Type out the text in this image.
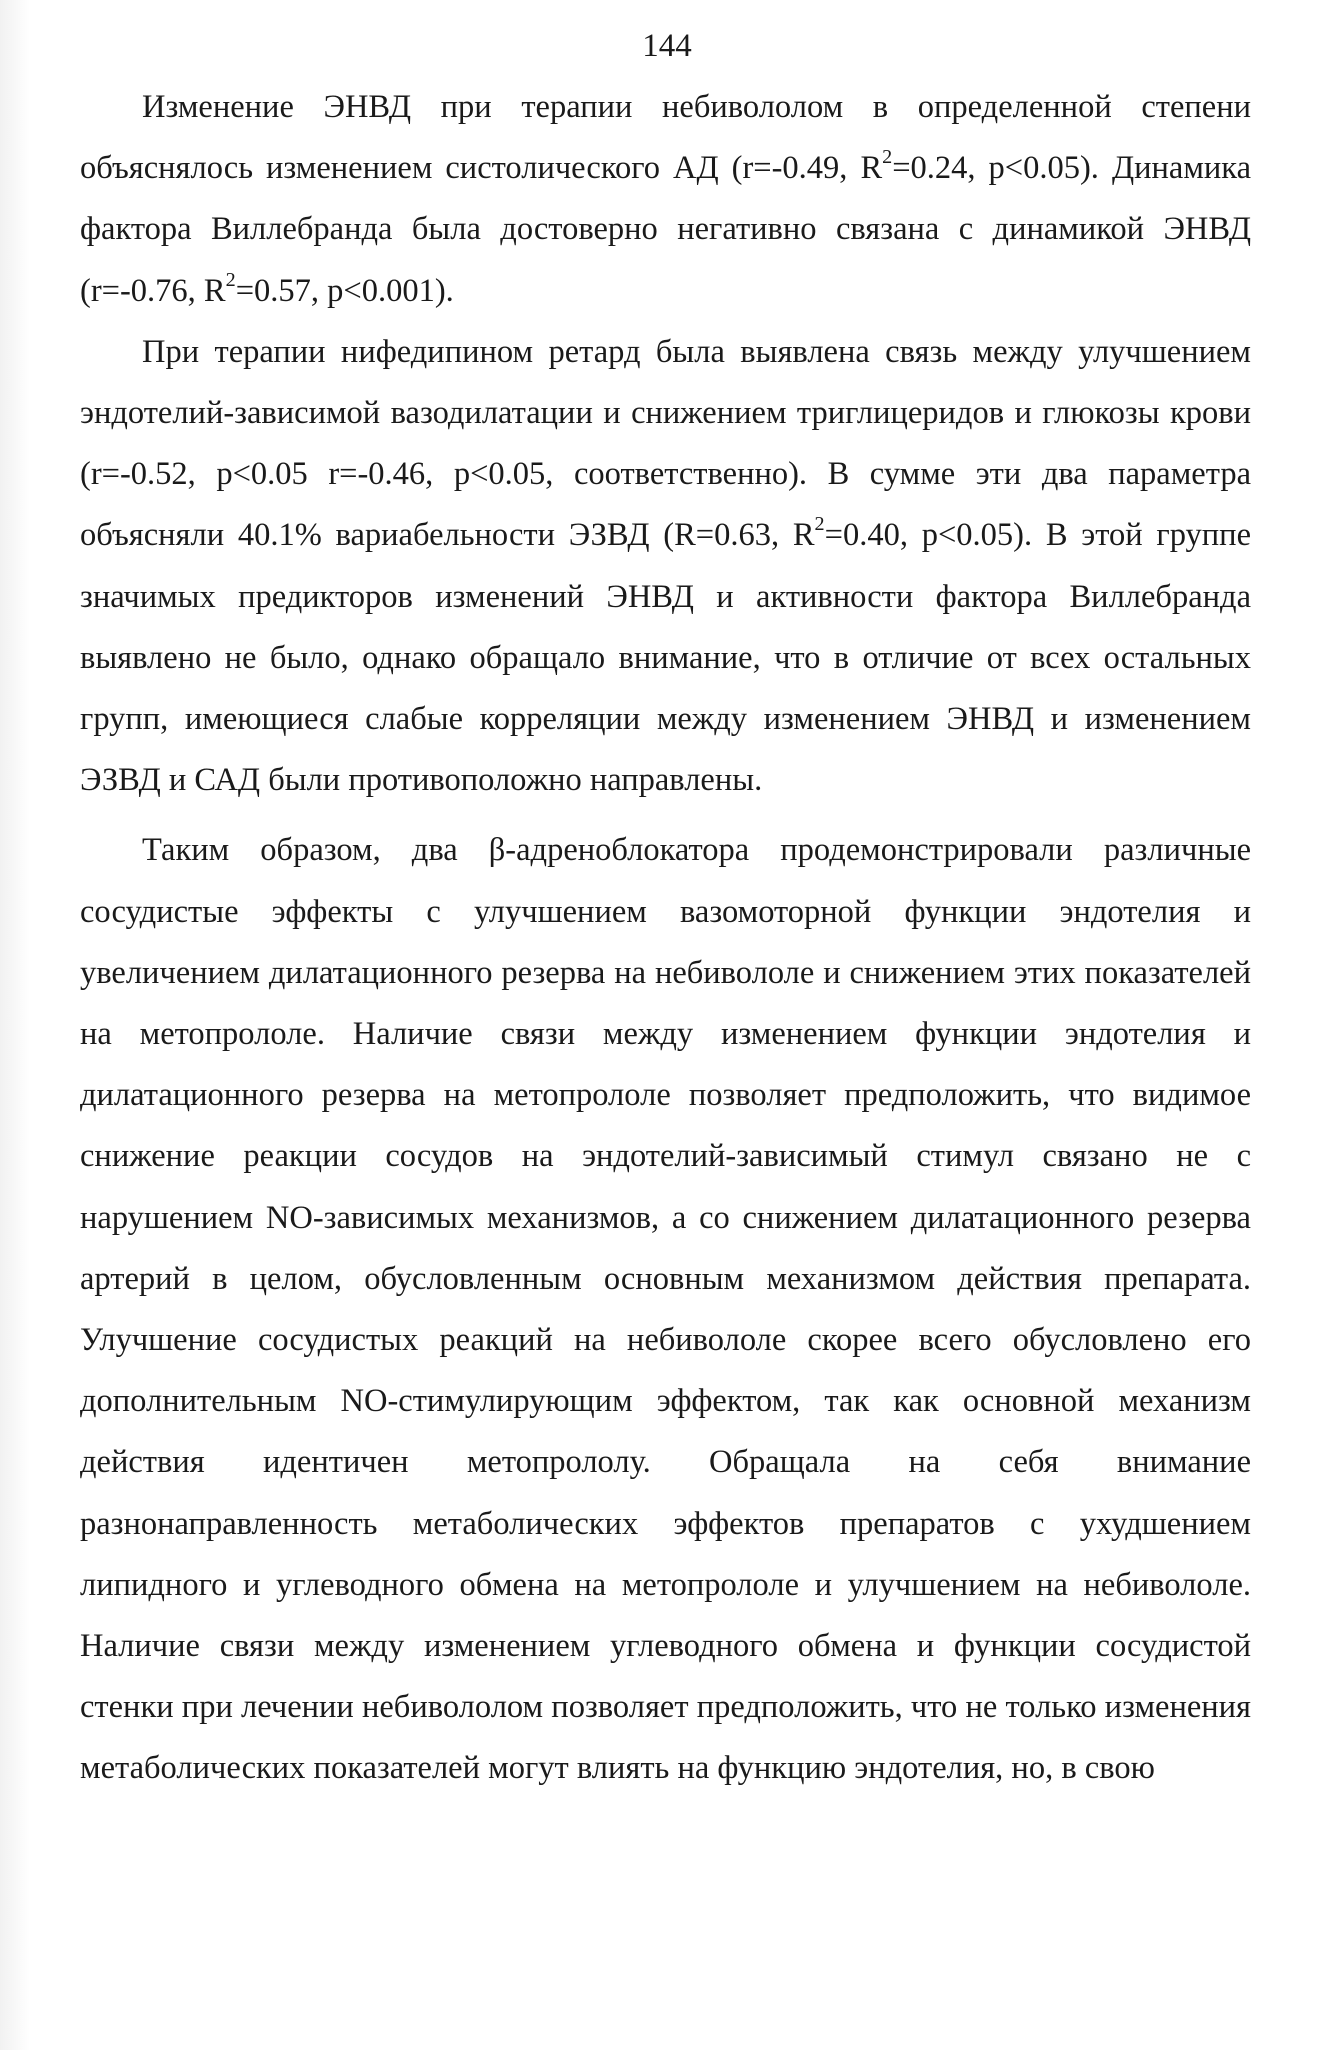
144

Изменение ЭНВД при терапии небивололом в определенной степени объяснялось изменением систолического АД (r=-0.49, $R^2=0.24$, p<0.05). Динамика фактора Виллебранда была достоверно негативно связана с динамикой ЭНВД (r=-0.76, $R^2=0.57$, p<0.001).

При терапии нифедипином ретард была выявлена связь между улучшением эндотелий-зависимой вазодилатации и снижением триглицеридов и глюкозы крови (r=-0.52, p<0.05 r=-0.46, p<0.05, соответственно). В сумме эти два параметра объясняли 40.1% вариабельности ЭЗВД (R=0.63, $R^2=0.40$, p<0.05). В этой группе значимых предикторов изменений ЭНВД и активности фактора Виллебранда выявлено не было, однако обращало внимание, что в отличие от всех остальных групп, имеющиеся слабые корреляции между изменением ЭНВД и изменением ЭЗВД и САД были противоположно направлены.

Таким образом, два β-адреноблокатора продемонстрировали различные сосудистые эффекты с улучшением вазомоторной функции эндотелия и увеличением дилатационного резерва на небивололе и снижением этих показателей на метопрололе. Наличие связи между изменением функции эндотелия и дилатационного резерва на метопрололе позволяет предположить, что видимое снижение реакции сосудов на эндотелий-зависимый стимул связано не с нарушением NO-зависимых механизмов, а со снижением дилатационного резерва артерий в целом, обусловленным основным механизмом действия препарата. Улучшение сосудистых реакций на небивололе скорее всего обусловлено его дополнительным NO-стимулирующим эффектом, так как основной механизм действия идентичен метопрололу. Обращала на себя внимание разнонаправленность метаболических эффектов препаратов с ухудшением липидного и углеводного обмена на метопрололе и улучшением на небивололе. Наличие связи между изменением углеводного обмена и функции сосудистой стенки при лечении небивололом позволяет предположить, что не только изменения метаболических показателей могут влиять на функцию эндотелия, но, в свою
